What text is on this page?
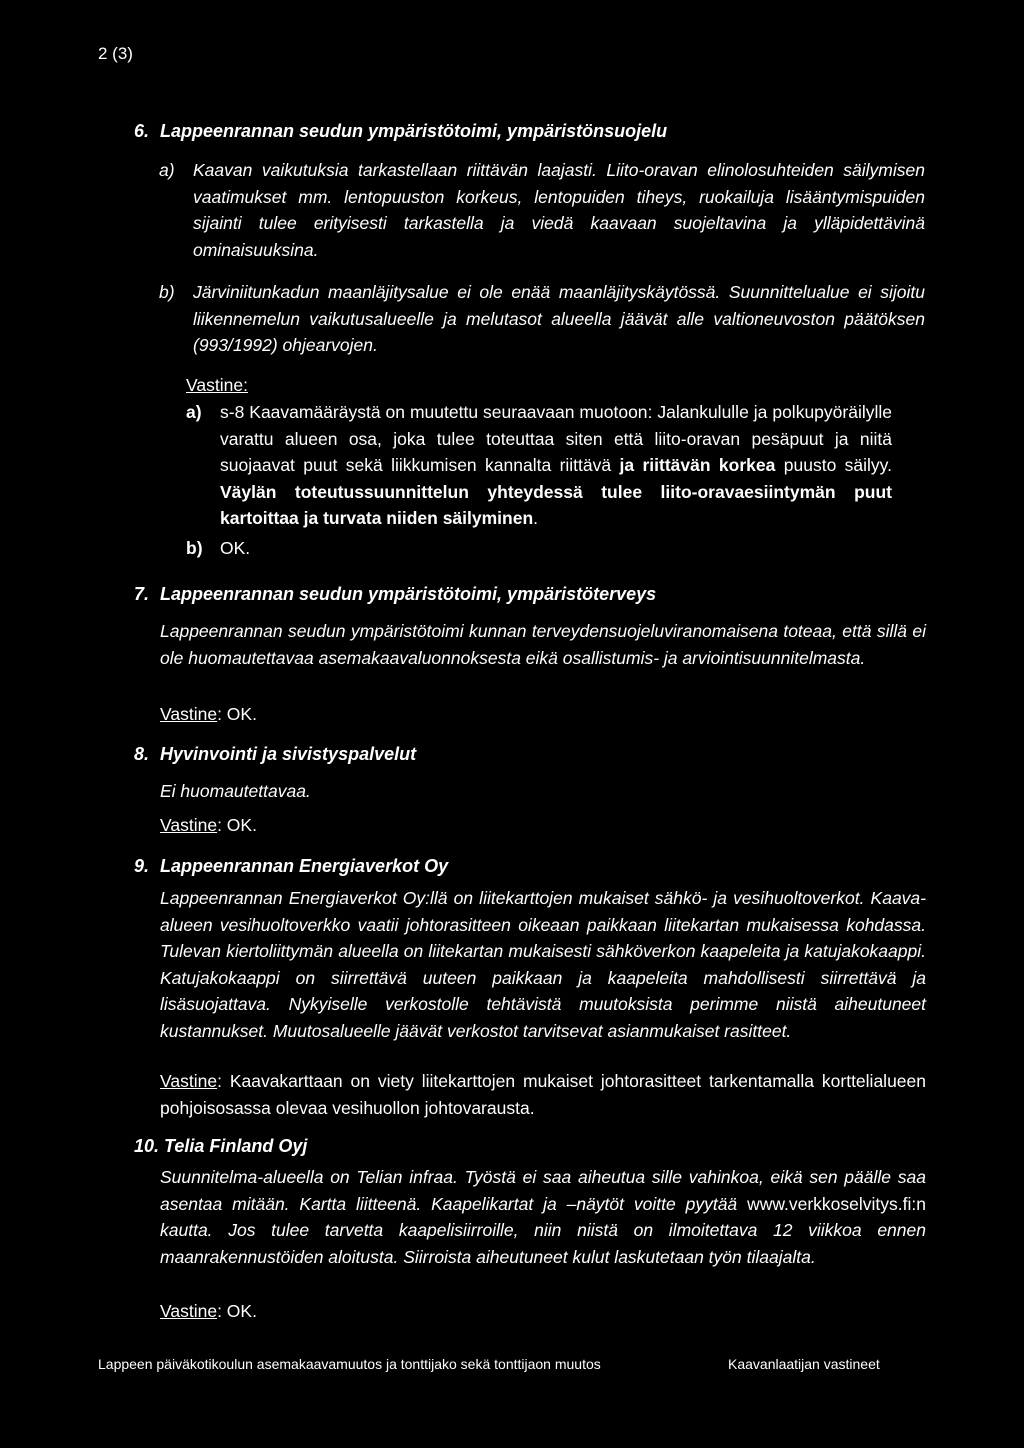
2 (3)
6. Lappeenrannan seudun ympäristötoimi, ympäristönsuojelu
a) Kaavan vaikutuksia tarkastellaan riittävän laajasti. Liito-oravan elinolosuhteiden säilymisen vaatimukset mm. lentopuuston korkeus, lentopuiden tiheys, ruokailuja lisääntymispuiden sijainti tulee erityisesti tarkastella ja viedä kaavaan suojeltavina ja ylläpidettävinä ominaisuuksina.
b) Järviniitunkadun maanläjitysalue ei ole enää maanläjityskäytössä. Suunnittelualue ei sijoitu liikennemelun vaikutusalueelle ja melutasot alueella jäävät alle valtioneuvoston päätöksen (993/1992) ohjearvojen.
Vastine:
a) s-8 Kaavamääräystä on muutettu seuraavaan muotoon: Jalankululle ja polkupyöräilylle varattu alueen osa, joka tulee toteuttaa siten että liito-oravan pesäpuut ja niitä suojaavat puut sekä liikkumisen kannalta riittävä ja riittävän korkea puusto säilyy. Väylän toteutussuunnittelun yhteydessä tulee liito-oravaesiintymän puut kartoittaa ja turvata niiden säilyminen.
b) OK.
7. Lappeenrannan seudun ympäristötoimi, ympäristöterveys
Lappeenrannan seudun ympäristötoimi kunnan terveydensuojeluviranomaisena toteaa, että sillä ei ole huomautettavaa asemakaavaluonnoksesta eikä osallistumis- ja arviointisuunnitelmasta.
Vastine: OK.
8. Hyvinvointi ja sivistyspalvelut
Ei huomautettavaa.
Vastine: OK.
9. Lappeenrannan Energiaverkot Oy
Lappeenrannan Energiaverkot Oy:llä on liitekarttojen mukaiset sähkö- ja vesihuoltoverkot. Kaava-alueen vesihuoltoverkko vaatii johtorasitteen oikeaan paikkaan liitekartan mukaisessa kohdassa. Tulevan kiertoliittymän alueella on liitekartan mukaisesti sähköverkon kaapeleita ja katujakokaappi. Katujakokaappi on siirrettävä uuteen paikkaan ja kaapeleita mahdollisesti siirrettävä ja lisäsuojattava. Nykyiselle verkostolle tehtävistä muutoksista perimme niistä aiheutuneet kustannukset. Muutosalueelle jäävät verkostot tarvitsevat asianmukaiset rasitteet.
Vastine: Kaavakarttaan on viety liitekarttojen mukaiset johtorasitteet tarkentamalla korttelialueen pohjoisosassa olevaa vesihuollon johtovarausta.
10. Telia Finland Oyj
Suunnitelma-alueella on Telian infraa. Työstä ei saa aiheutua sille vahinkoa, eikä sen päälle saa asentaa mitään. Kartta liitteenä. Kaapelikartat ja –näytöt voitte pyytää www.verkkoselvitys.fi:n kautta. Jos tulee tarvetta kaapelisiirroille, niin niistä on ilmoitettava 12 viikkoa ennen maanrakennustöiden aloitusta. Siirroista aiheutuneet kulut laskutetaan työn tilaajalta.
Vastine: OK.
Lappeen päiväkotikoulun asemakaavamuutos ja tonttijako sekä tonttijaon muutos	Kaavanlaatijan vastineet
